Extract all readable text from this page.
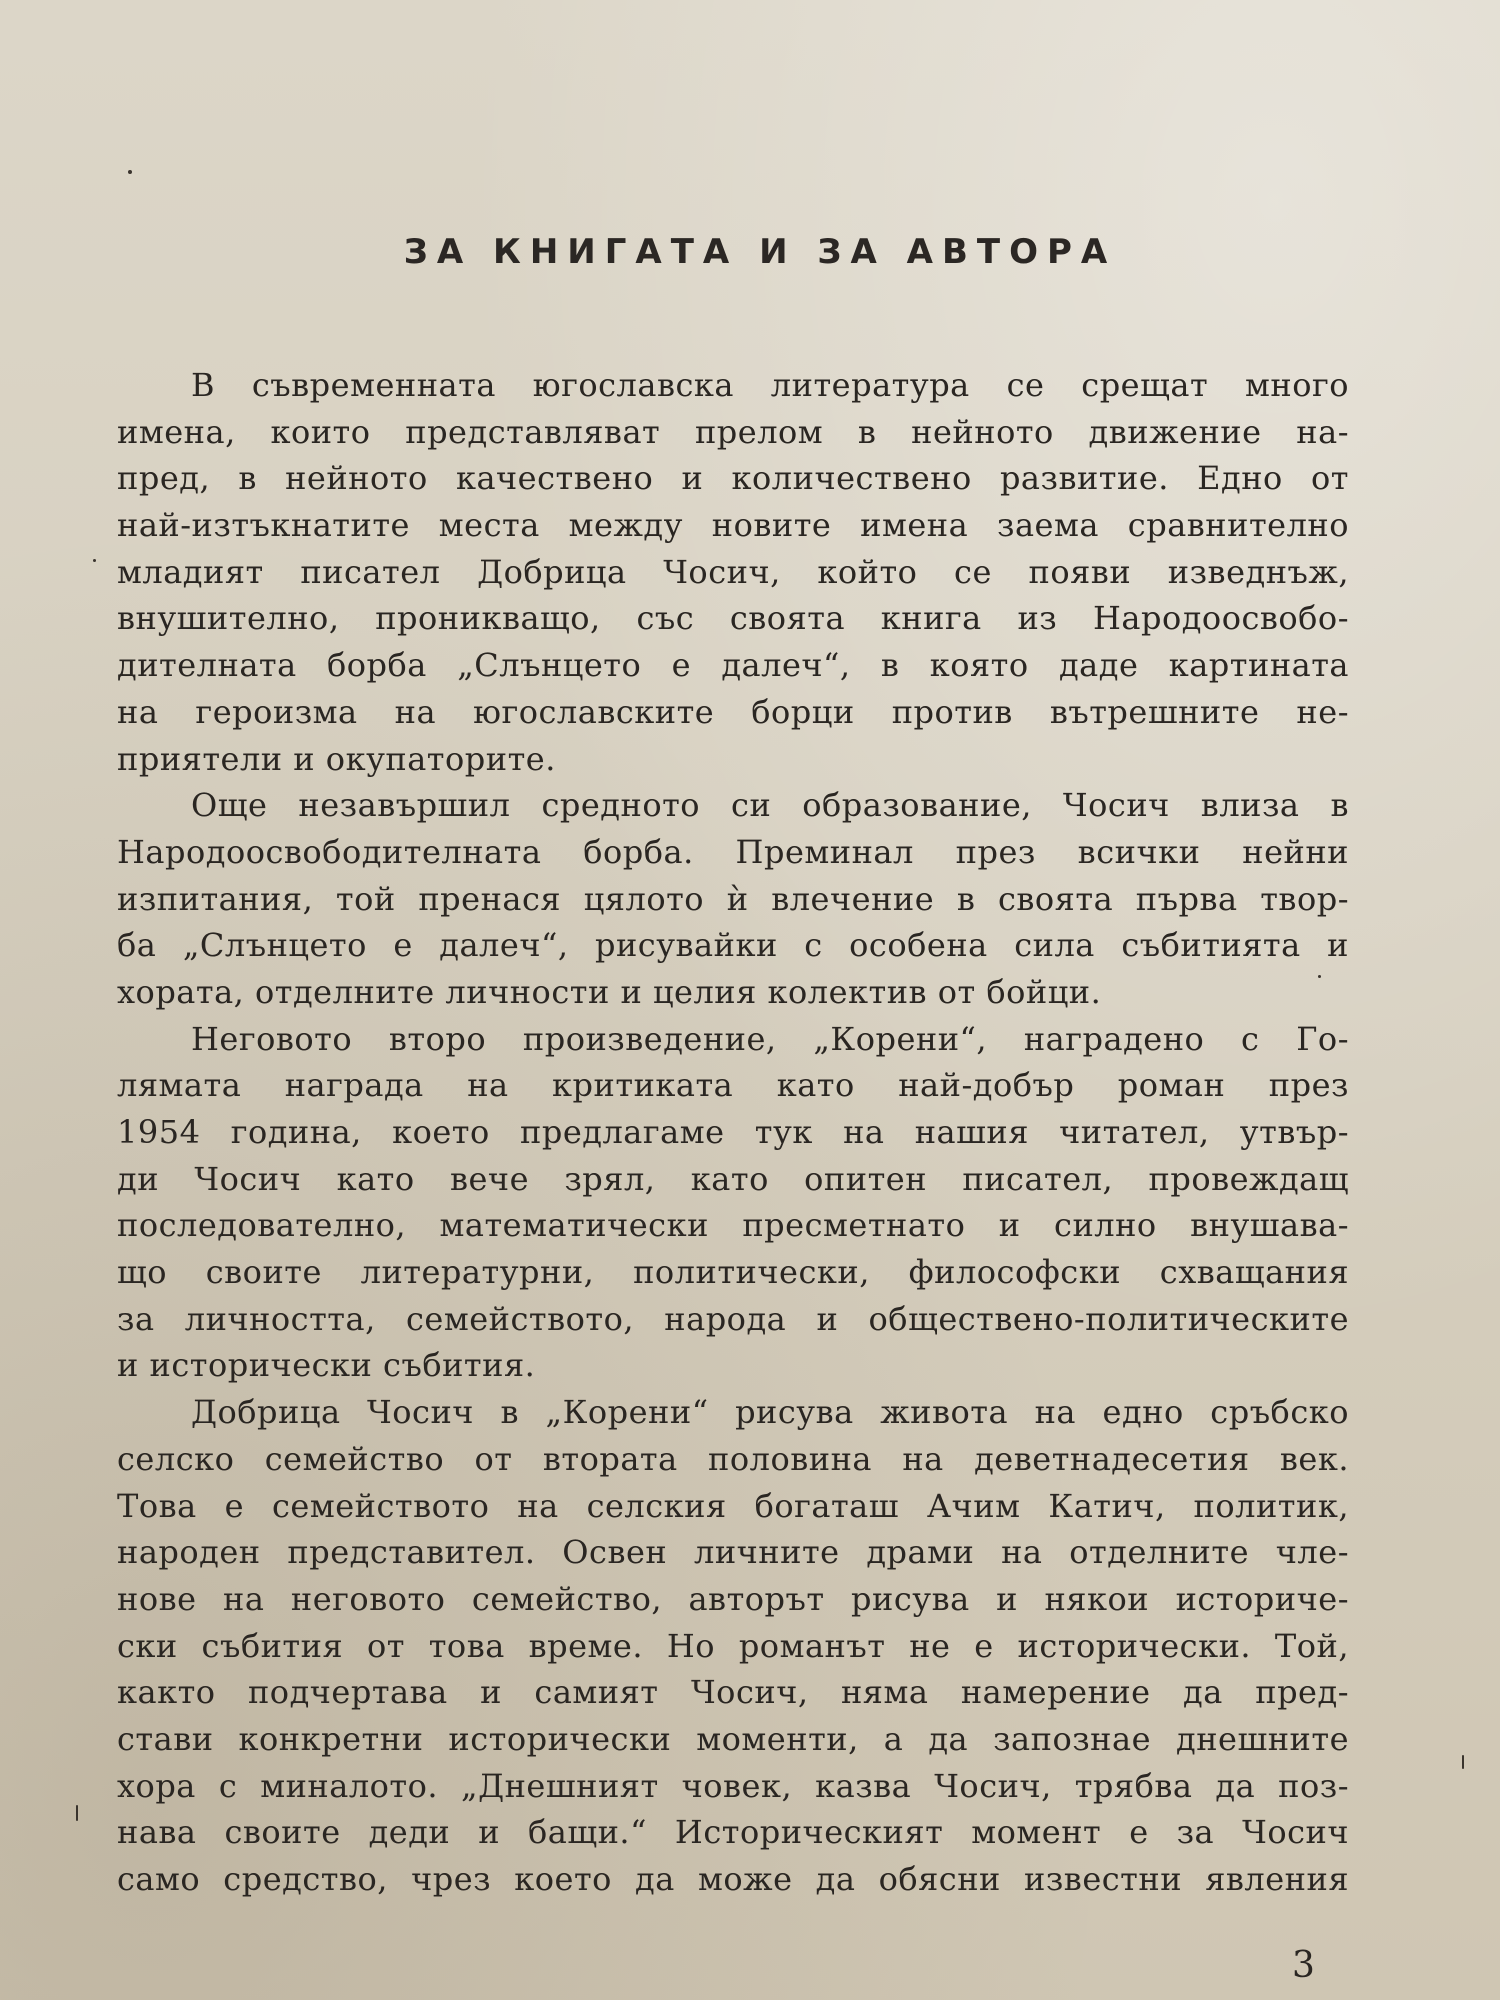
ЗА КНИГАТА И ЗА АВТОРА
В съвременната югославска литература се срещат много
имена, които представляват прелом в нейното движение на-
пред, в нейното качествено и количествено развитие. Едно от
най-изтъкнатите места между новите имена заема сравнително
младият писател Добрица Чосич, който се появи изведнъж,
внушително, проникващо, със своята книга из Народоосвобо-
дителната борба „Слънцето е далеч“, в която даде картината
на героизма на югославските борци против вътрешните не-
приятели и окупаторите.
Още незавършил средното си образование, Чосич влиза в
Народоосвободителната борба. Преминал през всички нейни
изпитания, той пренася цялото ѝ влечение в своята първа твор-
ба „Слънцето е далеч“, рисувайки с особена сила събитията и
хората, отделните личности и целия колектив от бойци.
Неговото второ произведение, „Корени“, наградено с Го-
лямата награда на критиката като най-добър роман през
1954 година, което предлагаме тук на нашия читател, утвър-
ди Чосич като вече зрял, като опитен писател, провеждащ
последователно, математически пресметнато и силно внушава-
що своите литературни, политически, философски схващания
за личността, семейството, народа и обществено-политическите
и исторически събития.
Добрица Чосич в „Корени“ рисува живота на едно сръбско
селско семейство от втората половина на деветнадесетия век.
Това е семейството на селския богаташ Ачим Катич, политик,
народен представител. Освен личните драми на отделните чле-
нове на неговото семейство, авторът рисува и някои историче-
ски събития от това време. Но романът не е исторически. Той,
както подчертава и самият Чосич, няма намерение да пред-
стави конкретни исторически моменти, а да запознае днешните
хора с миналото. „Днешният човек, казва Чосич, трябва да поз-
нава своите деди и бащи.“ Историческият момент е за Чосич
само средство, чрез което да може да обясни известни явления
3
